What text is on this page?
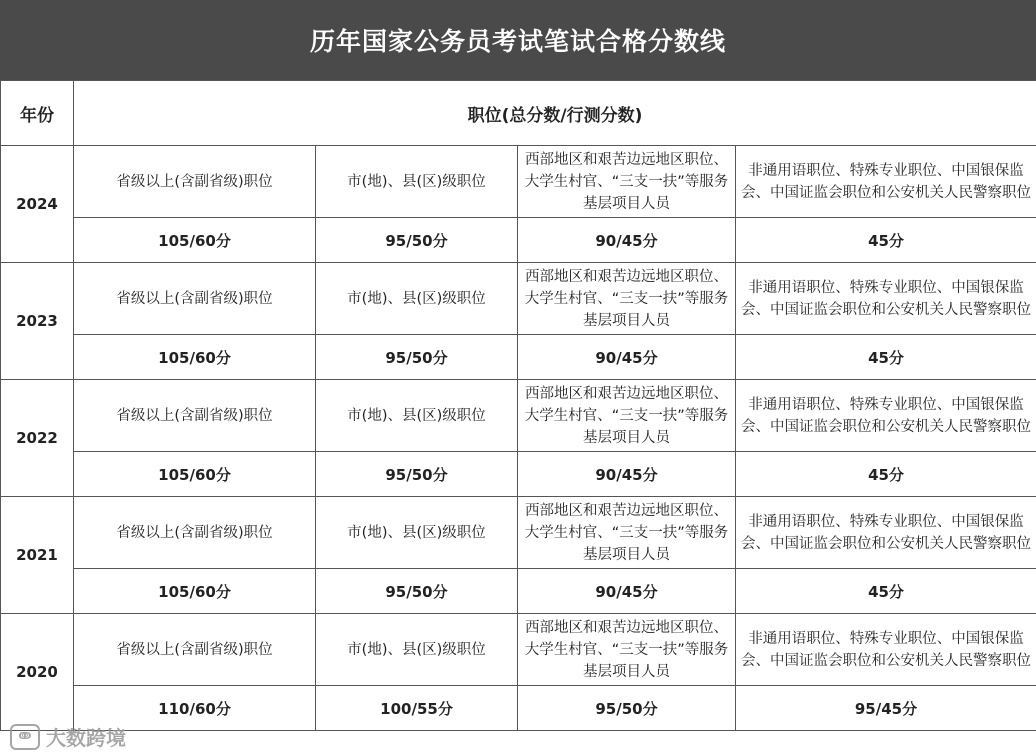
历年国家公务员考试笔试合格分数线
年份	职位(总分数/行测分数)			
2024	省级以上(含副省级)职位	市(地)、县(区)级职位	西部地区和艰苦边远地区职位、大学生村官、“三支一扶”等服务基层项目人员	非通用语职位、特殊专业职位、中国银保监会、中国证监会职位和公安机关人民警察职位
	105/60分	95/50分	90/45分	45分
2023	省级以上(含副省级)职位	市(地)、县(区)级职位	西部地区和艰苦边远地区职位、大学生村官、“三支一扶”等服务基层项目人员	非通用语职位、特殊专业职位、中国银保监会、中国证监会职位和公安机关人民警察职位
	105/60分	95/50分	90/45分	45分
2022	省级以上(含副省级)职位	市(地)、县(区)级职位	西部地区和艰苦边远地区职位、大学生村官、“三支一扶”等服务基层项目人员	非通用语职位、特殊专业职位、中国银保监会、中国证监会职位和公安机关人民警察职位
	105/60分	95/50分	90/45分	45分
2021	省级以上(含副省级)职位	市(地)、县(区)级职位	西部地区和艰苦边远地区职位、大学生村官、“三支一扶”等服务基层项目人员	非通用语职位、特殊专业职位、中国银保监会、中国证监会职位和公安机关人民警察职位
	105/60分	95/50分	90/45分	45分
2020	省级以上(含副省级)职位	市(地)、县(区)级职位	西部地区和艰苦边远地区职位、大学生村官、“三支一扶”等服务基层项目人员	非通用语职位、特殊专业职位、中国银保监会、中国证监会职位和公安机关人民警察职位
	110/60分	100/55分	95/50分	95/45分
ↂ 大数跨境
